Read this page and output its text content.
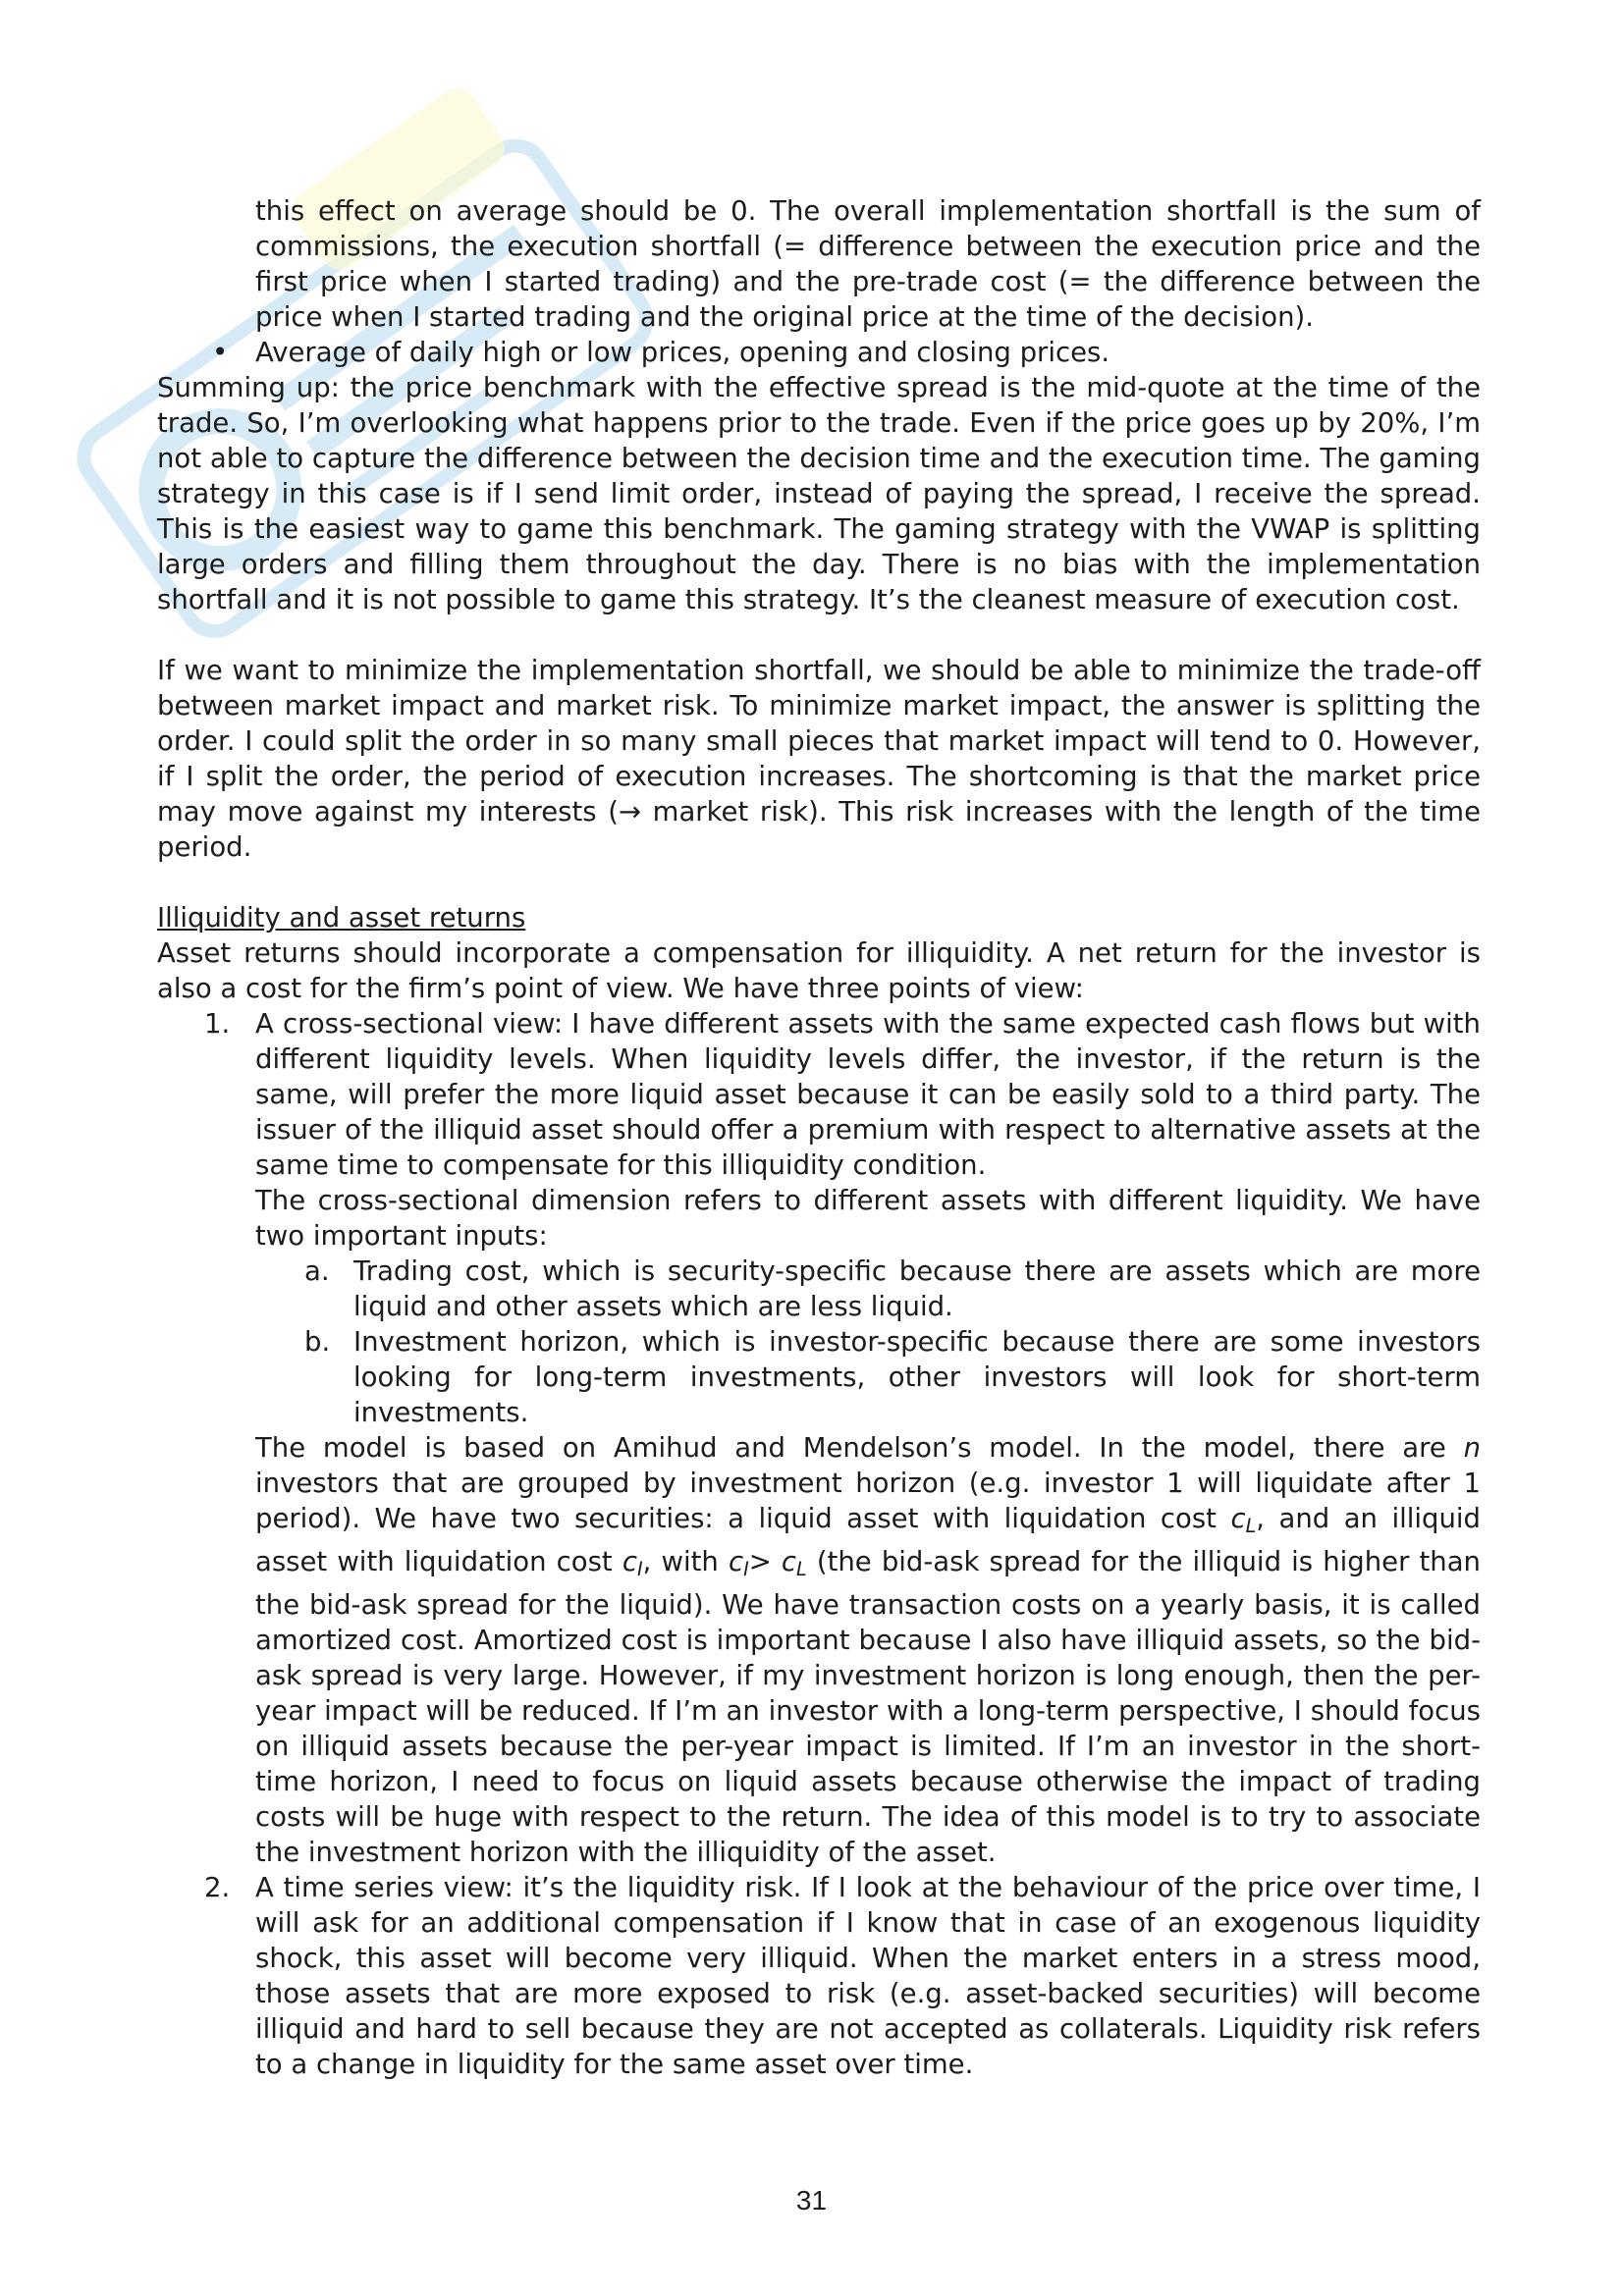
this effect on average should be 0. The overall implementation shortfall is the sum of commissions, the execution shortfall (= difference between the execution price and the first price when I started trading) and the pre-trade cost (= the difference between the price when I started trading and the original price at the time of the decision).

• Average of daily high or low prices, opening and closing prices.

Summing up: the price benchmark with the effective spread is the mid-quote at the time of the trade. So, I’m overlooking what happens prior to the trade. Even if the price goes up by 20%, I’m not able to capture the difference between the decision time and the execution time. The gaming strategy in this case is if I send limit order, instead of paying the spread, I receive the spread. This is the easiest way to game this benchmark. The gaming strategy with the VWAP is splitting large orders and filling them throughout the day. There is no bias with the implementation shortfall and it is not possible to game this strategy. It’s the cleanest measure of execution cost.

If we want to minimize the implementation shortfall, we should be able to minimize the trade-off between market impact and market risk. To minimize market impact, the answer is splitting the order. I could split the order in so many small pieces that market impact will tend to 0. However, if I split the order, the period of execution increases. The shortcoming is that the market price may move against my interests (→ market risk). This risk increases with the length of the time period.

Illiquidity and asset returns

Asset returns should incorporate a compensation for illiquidity. A net return for the investor is also a cost for the firm’s point of view. We have three points of view:

1. A cross-sectional view: I have different assets with the same expected cash flows but with different liquidity levels. When liquidity levels differ, the investor, if the return is the same, will prefer the more liquid asset because it can be easily sold to a third party. The issuer of the illiquid asset should offer a premium with respect to alternative assets at the same time to compensate for this illiquidity condition.

The cross-sectional dimension refers to different assets with different liquidity. We have two important inputs:

a. Trading cost, which is security-specific because there are assets which are more liquid and other assets which are less liquid.
b. Investment horizon, which is investor-specific because there are some investors looking for long-term investments, other investors will look for short-term investments.

The model is based on Amihud and Mendelson’s model. In the model, there are n investors that are grouped by investment horizon (e.g. investor 1 will liquidate after 1 period). We have two securities: a liquid asset with liquidation cost $c_L$, and an illiquid asset with liquidation cost $c_I$, with $c_I> c_L$ (the bid-ask spread for the illiquid is higher than the bid-ask spread for the liquid). We have transaction costs on a yearly basis, it is called amortized cost. Amortized cost is important because I also have illiquid assets, so the bid-ask spread is very large. However, if my investment horizon is long enough, then the per-year impact will be reduced. If I’m an investor with a long-term perspective, I should focus on illiquid assets because the per-year impact is limited. If I’m an investor in the short-time horizon, I need to focus on liquid assets because otherwise the impact of trading costs will be huge with respect to the return. The idea of this model is to try to associate the investment horizon with the illiquidity of the asset.

2. A time series view: it’s the liquidity risk. If I look at the behaviour of the price over time, I will ask for an additional compensation if I know that in case of an exogenous liquidity shock, this asset will become very illiquid. When the market enters in a stress mood, those assets that are more exposed to risk (e.g. asset-backed securities) will become illiquid and hard to sell because they are not accepted as collaterals. Liquidity risk refers to a change in liquidity for the same asset over time.

31
